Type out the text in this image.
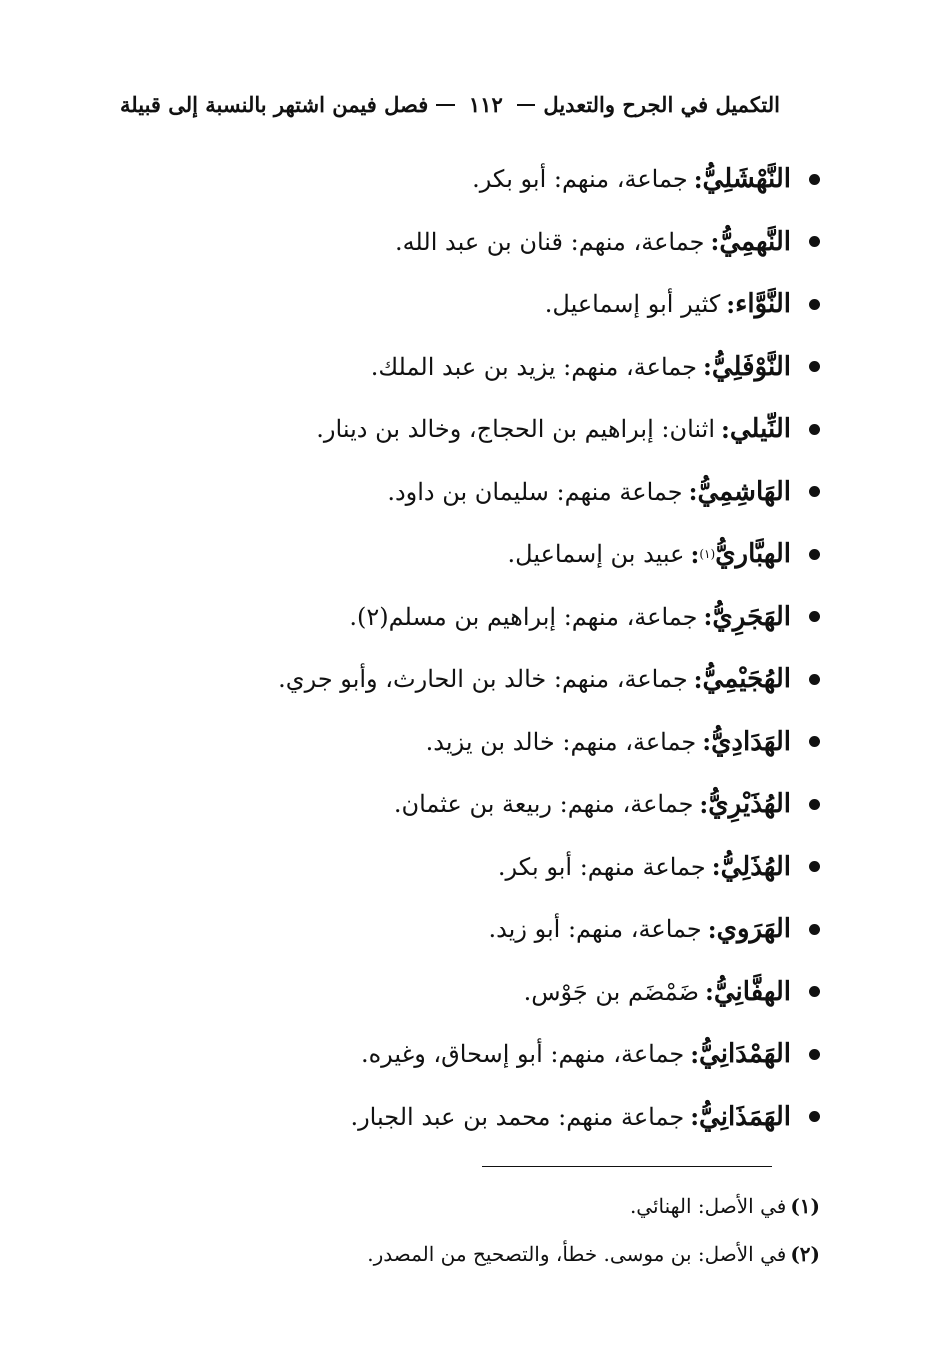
التكميل في الجرح والتعديل
١١٢
فصل فيمن اشتهر بالنسبة إلى قبيلة
النَّهْشَلِيُّ
:
جماعة، منهم: أبو بكر.
النَّهمِيُّ
:
جماعة، منهم: قنان بن عبد الله.
النَّوَّاء
:
كثير أبو إسماعيل.
النَّوْفَلِيُّ
:
جماعة، منهم: يزيد بن عبد الملك.
النِّيلي
:
اثنان: إبراهيم بن الحجاج، وخالد بن دينار.
الهَاشِمِيُّ
:
جماعة منهم: سليمان بن داود.
الهبَّاريُّ
(١)
:
عبيد بن إسماعيل.
الهَجَرِيُّ
:
جماعة، منهم: إبراهيم بن مسلم(٢).
الهُجَيْمِيُّ
:
جماعة، منهم: خالد بن الحارث، وأبو جري.
الهَدَادِيُّ
:
جماعة، منهم: خالد بن يزيد.
الهُذَيْرِيُّ
:
جماعة، منهم: ربيعة بن عثمان.
الهُذَلِيُّ
:
جماعة منهم: أبو بكر.
الهَرَوي
:
جماعة، منهم: أبو زيد.
الهفَّانِيُّ
:
ضَمْضَم بن جَوْس.
الهَمْدَانِيُّ
:
جماعة، منهم: أبو إسحاق، وغيره.
الهَمَذَانِيُّ
:
جماعة منهم: محمد بن عبد الجبار.
(١)
في الأصل: الهنائي.
(٢)
في الأصل: بن موسى. خطأ، والتصحيح من المصدر.
